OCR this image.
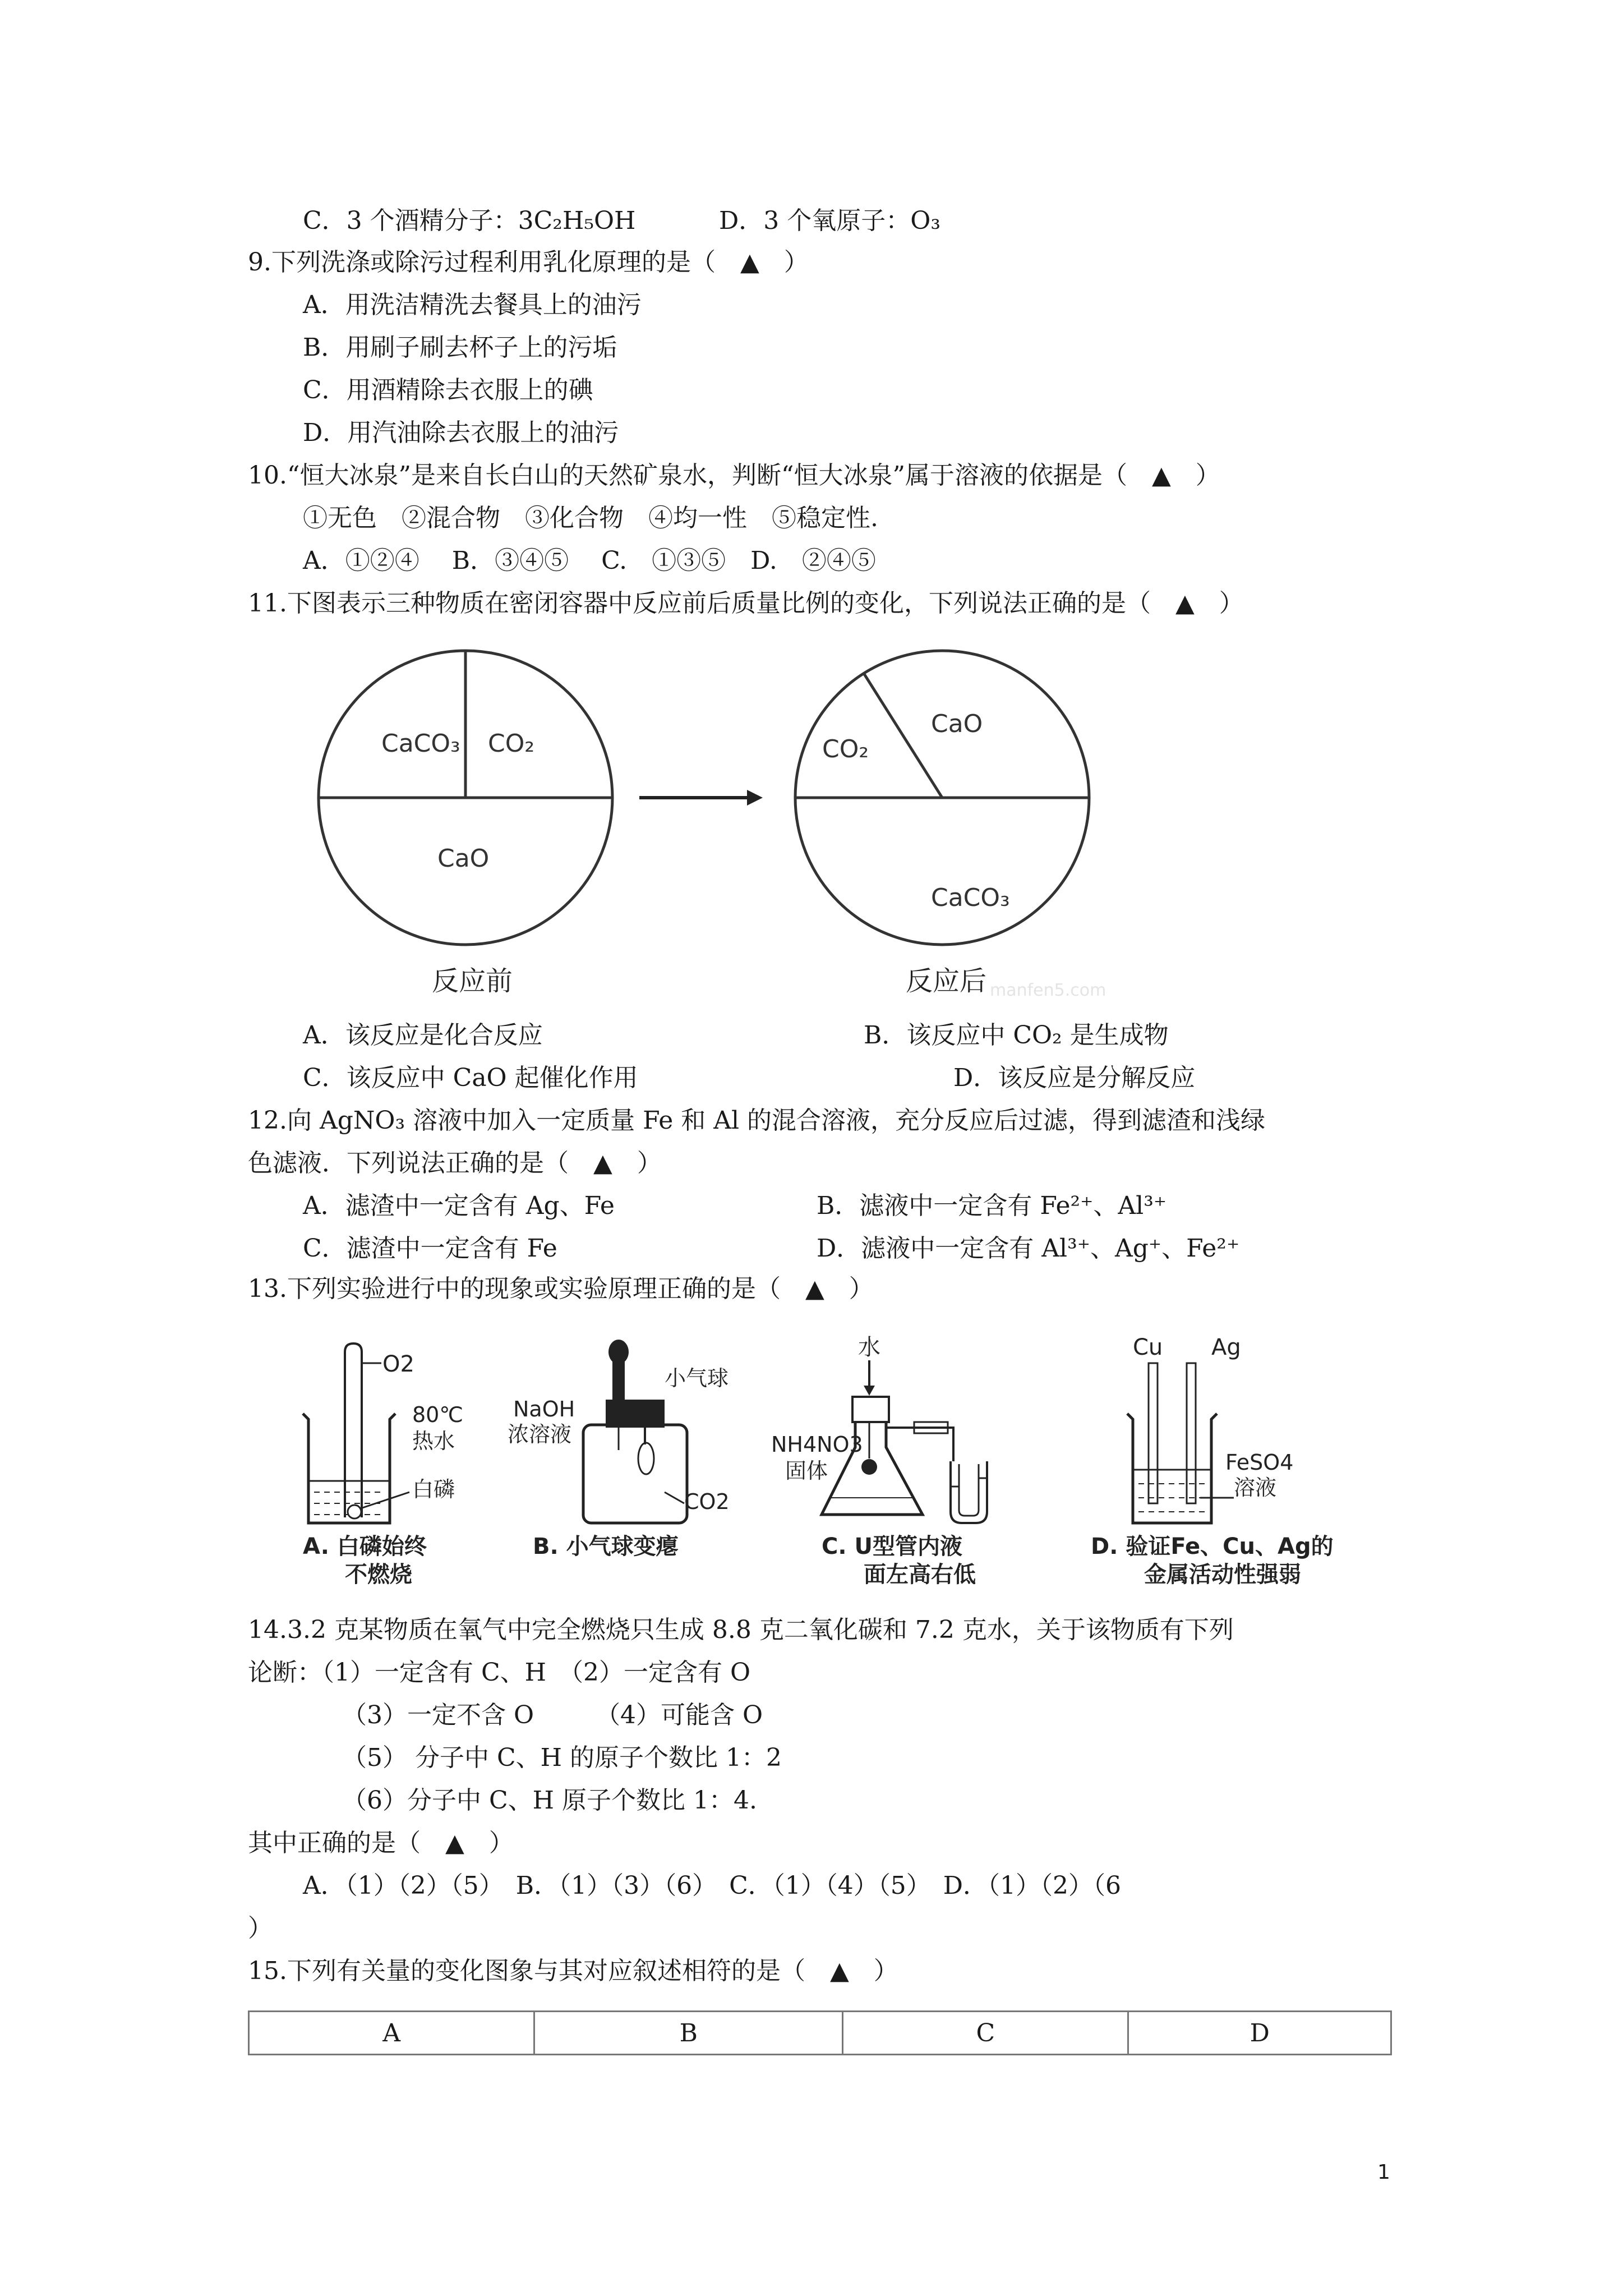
C．3 个酒精分子：3C₂H₅OH	D．3 个氧原子：O₃
9.下列洗涤或除污过程利用乳化原理的是（　▲　）
A．用洗洁精洗去餐具上的油污
B．用刷子刷去杯子上的污垢
C．用酒精除去衣服上的碘
D．用汽油除去衣服上的油污
10.“恒大冰泉”是来自长白山的天然矿泉水，判断“恒大冰泉”属于溶液的依据是（　▲　）
①无色　②混合物　③化合物　④均一性　⑤稳定性.
A．①②④　 B．③④⑤　 C.　①③⑤　D.　②④⑤
11.下图表示三种物质在密闭容器中反应前后质量比例的变化，下列说法正确的是（　▲　）
CaCO₃ CO₂
CaO
CO₂
CaO
CaCO₃
反应前	反应后 manfen5.com
A．该反应是化合反应	B．该反应中 CO₂ 是生成物
C．该反应中 CaO 起催化作用	D．该反应是分解反应
12.向 AgNO₃ 溶液中加入一定质量 Fe 和 Al 的混合溶液，充分反应后过滤，得到滤渣和浅绿
色滤液．下列说法正确的是（　▲　）
A．滤渣中一定含有 Ag、Fe	B．滤液中一定含有 Fe²⁺、Al³⁺
C．滤渣中一定含有 Fe	D．滤液中一定含有 Al³⁺、Ag⁺、Fe²⁺
13.下列实验进行中的现象或实验原理正确的是（　▲　）
O2
80℃
热水
白磷
A. 白磷始终
不燃烧
NaOH
浓溶液
小气球
CO2
B. 小气球变瘪
水
NH4NO3
固体
C. U型管内液
面左高右低
Cu Ag
FeSO4
溶液
D. 验证Fe、Cu、Ag的
金属活动性强弱
14.3.2 克某物质在氧气中完全燃烧只生成 8.8 克二氧化碳和 7.2 克水，关于该物质有下列
论断：（1）一定含有 C、H　（2）一定含有 O
（3）一定不含 O　　　（4）可能含 O
（5） 分子中 C、H 的原子个数比 1：2
（6）分子中 C、H 原子个数比 1：4.
其中正确的是（　▲　）
A．（1）（2）（5）　B．（1）（3）（6）　C．（1）（4）（5）　D．（1）（2）（6
）
15.下列有关量的变化图象与其对应叙述相符的是（　▲　）
A	B	C	D
1
